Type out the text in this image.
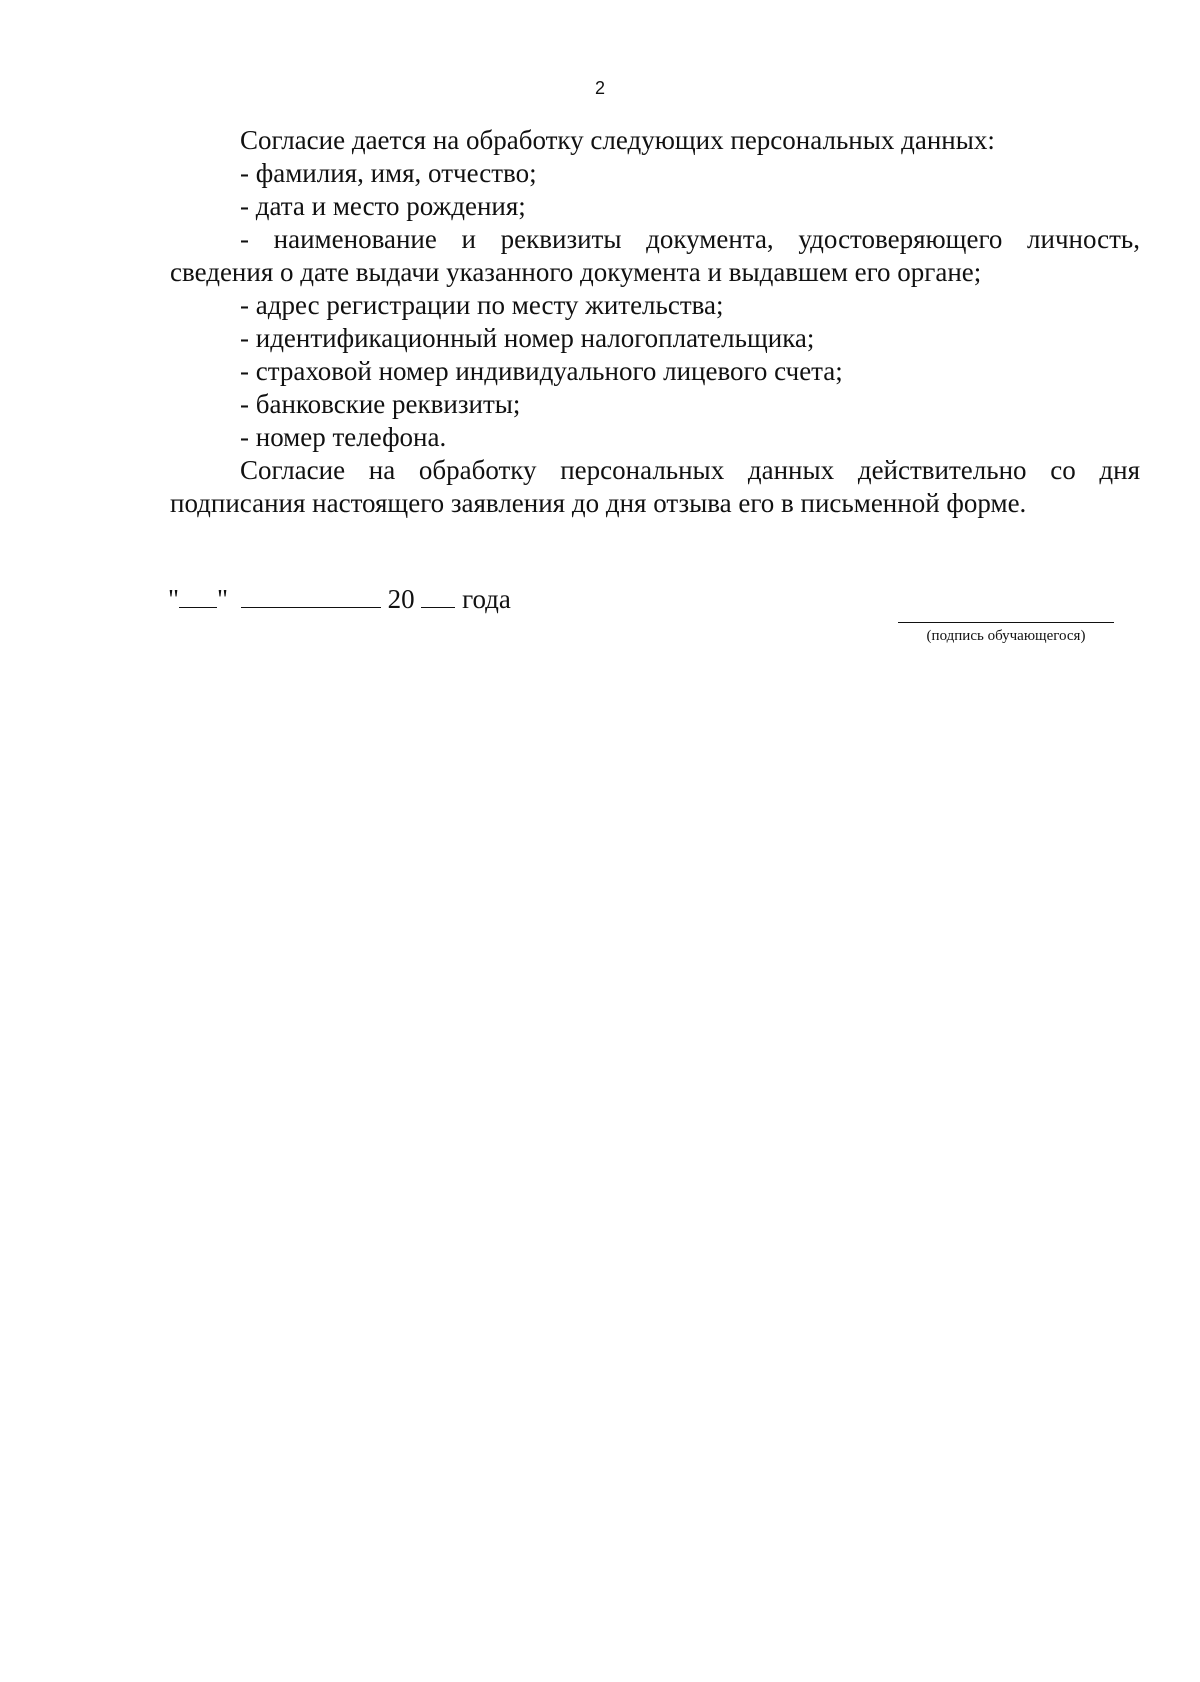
2

Согласие дается на обработку следующих персональных данных:

- фамилия, имя, отчество;

- дата и место рождения;

- наименование и реквизиты документа, удостоверяющего личность, сведения о дате выдачи указанного документа и выдавшем его органе;

- адрес регистрации по месту жительства;

- идентификационный номер налогоплательщика;

- страховой номер индивидуального лицевого счета;

- банковские реквизиты;

- номер телефона.

Согласие на обработку персональных данных действительно со дня подписания настоящего заявления до дня отзыва его в письменной форме.

" "	20 года
(подпись обучающегося)
